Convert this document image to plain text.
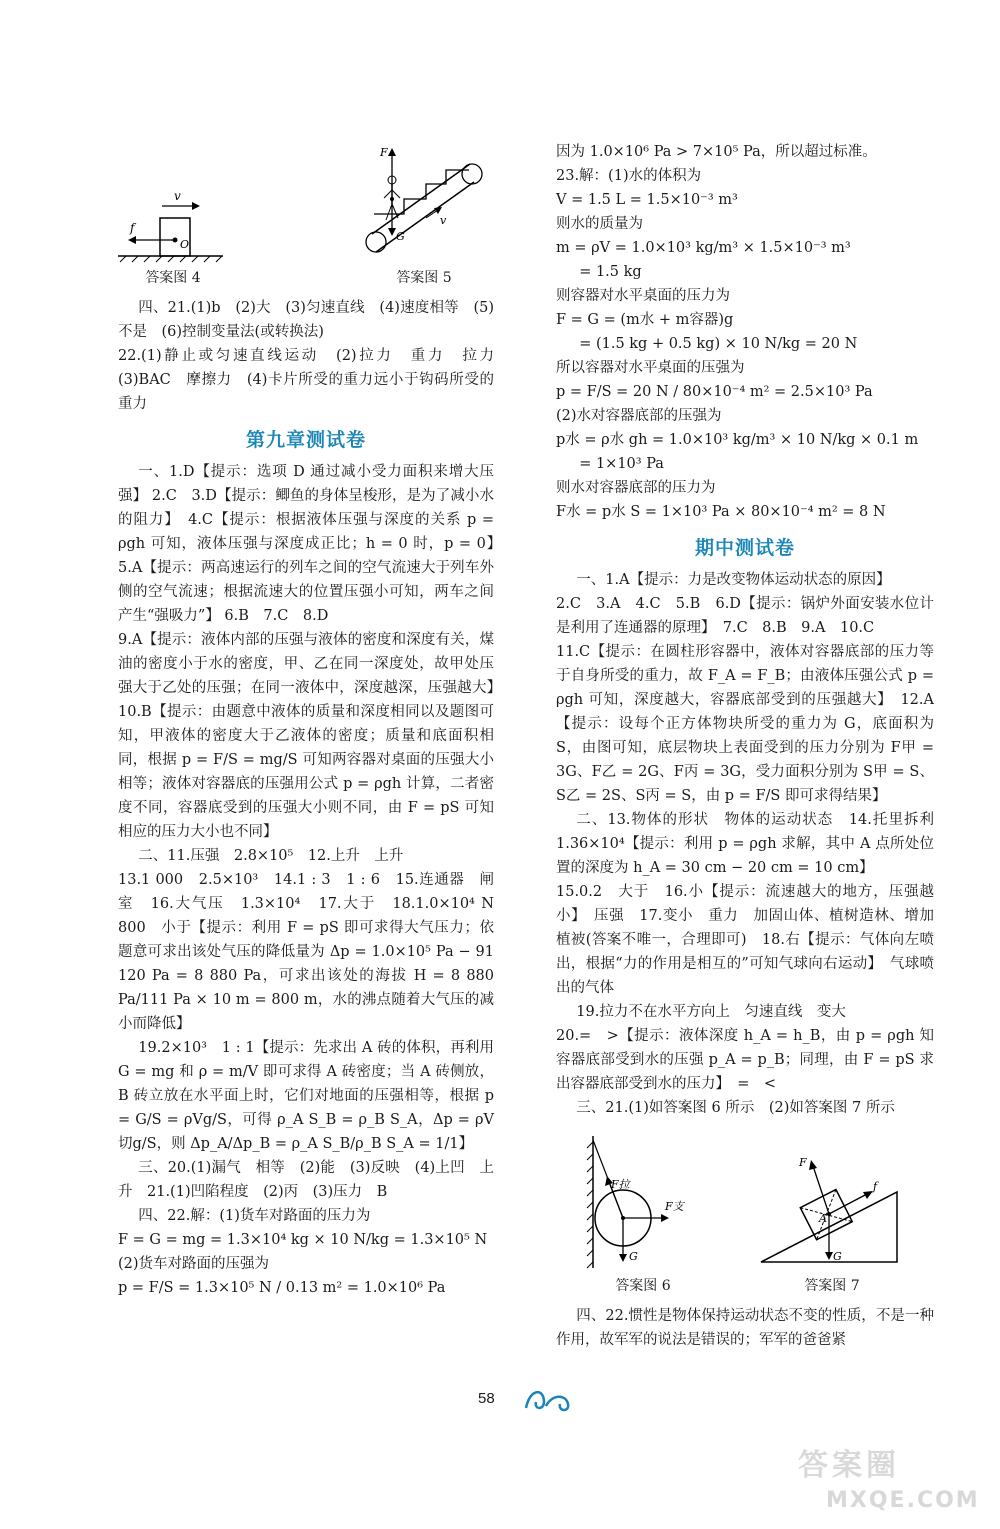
v
f
O
答案图 4
F
v
G
答案图 5

四、21.(1)b　(2)大　(3)匀速直线　(4)速度相等　(5)不是　(6)控制变量法(或转换法)

22.(1)静止或匀速直线运动　(2)拉力　重力　拉力　(3)BAC　摩擦力　(4)卡片所受的重力远小于钩码所受的重力

第九章测试卷

一、1.D【提示：选项 D 通过减小受力面积来增大压强】 2.C　3.D【提示：鲫鱼的身体呈梭形，是为了减小水的阻力】　4.C【提示：根据液体压强与深度的关系 p = ρgh 可知，液体压强与深度成正比；h = 0 时，p = 0】　5.A【提示：两高速运行的列车之间的空气流速大于列车外侧的空气流速；根据流速大的位置压强小可知，两车之间产生“强吸力”】 6.B　7.C　8.D

9.A【提示：液体内部的压强与液体的密度和深度有关，煤油的密度小于水的密度，甲、乙在同一深度处，故甲处压强大于乙处的压强；在同一液体中，深度越深，压强越大】　10.B【提示：由题意中液体的质量和深度相同以及题图可知，甲液体的密度大于乙液体的密度；质量和底面积相同，根据 p = F/S = mg/S 可知两容器对桌面的压强大小相等；液体对容器底的压强用公式 p = ρgh 计算，二者密度不同，容器底受到的压强大小则不同，由 F = pS 可知相应的压力大小也不同】

二、11.压强　2.8×10⁵　12.上升　上升

13.1 000　2.5×10³　14.1 : 3　1 : 6　15.连通器　闸室　16.大气压　1.3×10⁴　17.大于　18.1.0×10⁴ N　800　小于【提示：利用 F = pS 即可求得大气压力；依题意可求出该处气压的降低量为 Δp = 1.0×10⁵ Pa − 91 120 Pa = 8 880 Pa，可求出该处的海拔 H = 8 880 Pa/111 Pa × 10 m = 800 m，水的沸点随着大气压的减小而降低】

19.2×10³　1 : 1【提示：先求出 A 砖的体积，再利用 G = mg 和 ρ = m/V 即可求得 A 砖密度；当 A 砖侧放，B 砖立放在水平面上时，它们对地面的压强相等，根据 p = G/S = ρVg/S，可得 ρ_A S_B = ρ_B S_A，Δp = ρV切g/S，则 Δp_A/Δp_B = ρ_A S_B/ρ_B S_A = 1/1】

三、20.(1)漏气　相等　(2)能　(3)反映　(4)上凹　上升　21.(1)凹陷程度　(2)丙　(3)压力　B

四、22.解：(1)货车对路面的压力为

F = G = mg = 1.3×10⁴ kg × 10 N/kg = 1.3×10⁵ N

(2)货车对路面的压强为

p = F/S = 1.3×10⁵ N / 0.13 m² = 1.0×10⁶ Pa

因为 1.0×10⁶ Pa > 7×10⁵ Pa，所以超过标准。

23.解：(1)水的体积为

V = 1.5 L = 1.5×10⁻³ m³

则水的质量为

m = ρV = 1.0×10³ kg/m³ × 1.5×10⁻³ m³

= 1.5 kg

则容器对水平桌面的压力为

F = G = (m水 + m容器)g

= (1.5 kg + 0.5 kg) × 10 N/kg = 20 N

所以容器对水平桌面的压强为

p = F/S = 20 N / 80×10⁻⁴ m² = 2.5×10³ Pa

(2)水对容器底部的压强为

p水 = ρ水 gh = 1.0×10³ kg/m³ × 10 N/kg × 0.1 m

= 1×10³ Pa

则水对容器底部的压力为

F水 = p水 S = 1×10³ Pa × 80×10⁻⁴ m² = 8 N

期中测试卷

一、1.A【提示：力是改变物体运动状态的原因】

2.C　3.A　4.C　5.B　6.D【提示：锅炉外面安装水位计是利用了连通器的原理】　7.C　8.B　9.A　10.C

11.C【提示：在圆柱形容器中，液体对容器底部的压力等于自身所受的重力，故 F_A = F_B；由液体压强公式 p = ρgh 可知，深度越大，容器底部受到的压强越大】　12.A【提示：设每个正方体物块所受的重力为 G，底面积为 S，由图可知，底层物块上表面受到的压力分别为 F甲 = 3G、F乙 = 2G、F丙 = 3G，受力面积分别为 S甲 = S、S乙 = 2S、S丙 = S，由 p = F/S 即可求得结果】

二、13.物体的形状　物体的运动状态　14.托里拆利　1.36×10⁴【提示：利用 p = ρgh 求解，其中 A 点所处位置的深度为 h_A = 30 cm − 20 cm = 10 cm】

15.0.2　大于　16.小【提示：流速越大的地方，压强越小】　压强　17.变小　重力　加固山体、植树造林、增加植被(答案不唯一，合理即可)　18.右【提示：气体向左喷出，根据“力的作用是相互的”可知气球向右运动】　气球喷出的气体

19.拉力不在水平方向上　匀速直线　变大

20.=　>【提示：液体深度 h_A = h_B，由 p = ρgh 知容器底部受到水的压强 p_A = p_B；同理，由 F = pS 求出容器底部受到水的压力】　=　<

三、21.(1)如答案图 6 所示　(2)如答案图 7 所示

F拉
F支
G
答案图 6
F
f
A
G
答案图 7

四、22.惯性是物体保持运动状态不变的性质，不是一种作用，故军军的说法是错误的；军军的爸爸紧

58
答案圈
MXQE.COM
